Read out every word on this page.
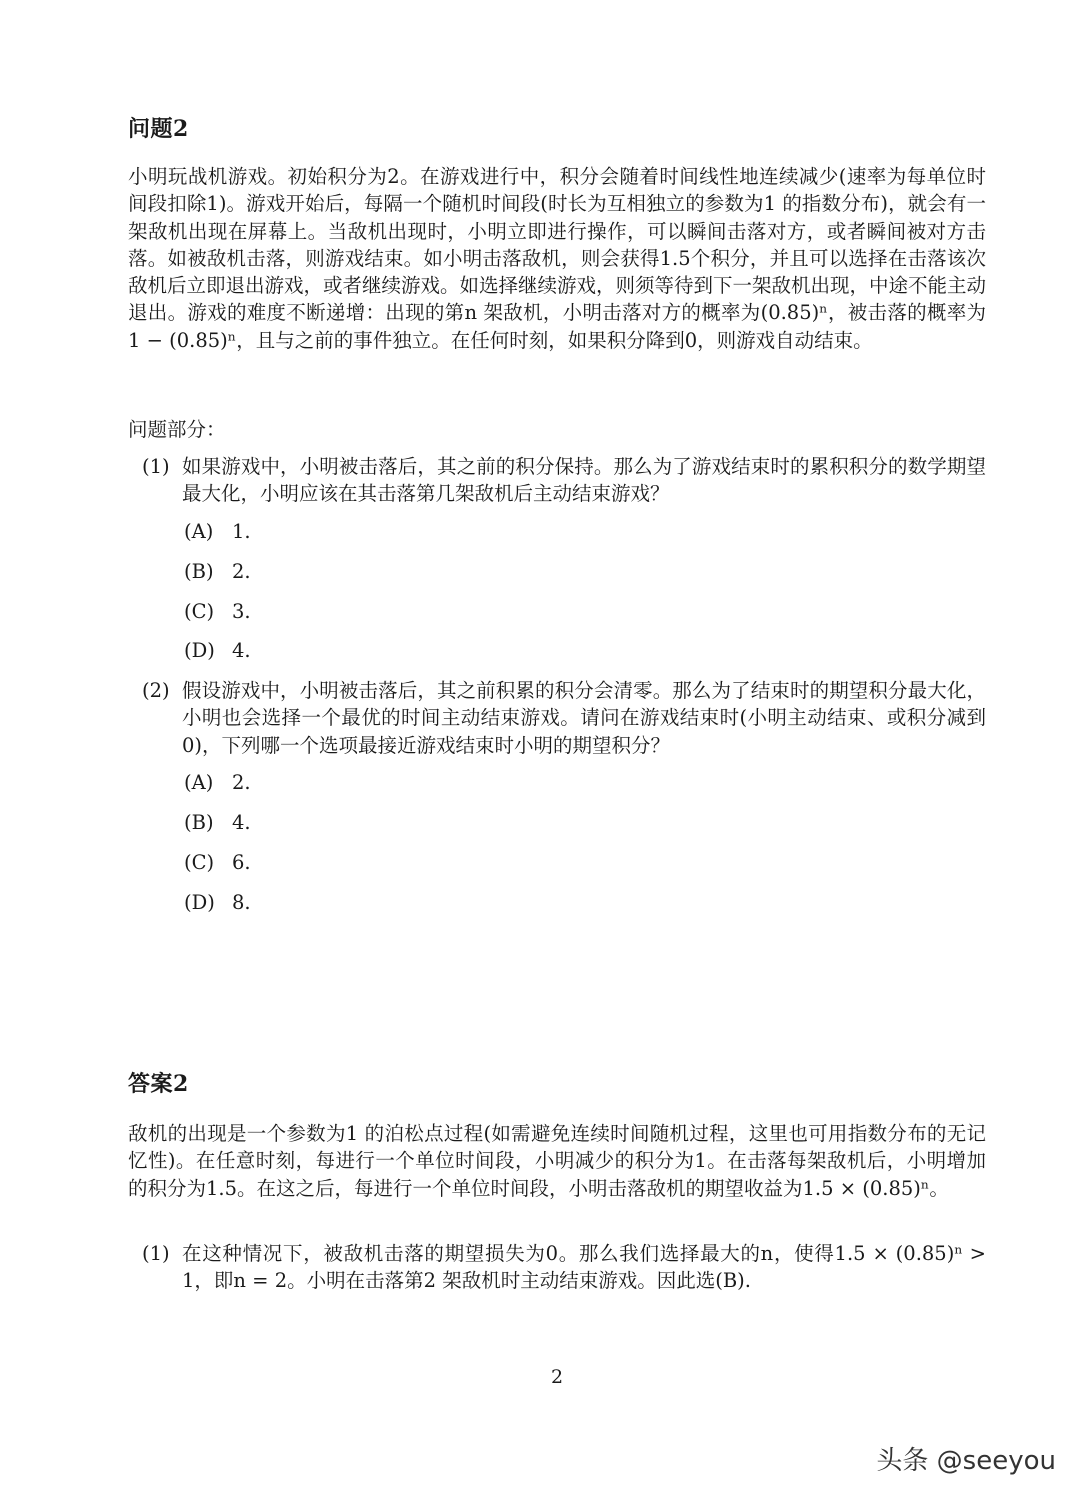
问题2
小明玩战机游戏。初始积分为2。在游戏进行中，积分会随着时间线性地连续减少(速率为每单位时间段扣除1)。游戏开始后，每隔一个随机时间段(时长为互相独立的参数为1 的指数分布)，就会有一架敌机出现在屏幕上。当敌机出现时，小明立即进行操作，可以瞬间击落对方，或者瞬间被对方击落。如被敌机击落，则游戏结束。如小明击落敌机，则会获得1.5个积分，并且可以选择在击落该次敌机后立即退出游戏，或者继续游戏。如选择继续游戏，则须等待到下一架敌机出现，中途不能主动退出。游戏的难度不断递增：出现的第n 架敌机，小明击落对方的概率为(0.85)ⁿ，被击落的概率为1 − (0.85)ⁿ，且与之前的事件独立。在任何时刻，如果积分降到0，则游戏自动结束。
问题部分：
(1) 如果游戏中，小明被击落后，其之前的积分保持。那么为了游戏结束时的累积积分的数学期望最大化，小明应该在其击落第几架敌机后主动结束游戏？
(A) 1.
(B) 2.
(C) 3.
(D) 4.
(2) 假设游戏中，小明被击落后，其之前积累的积分会清零。那么为了结束时的期望积分最大化，小明也会选择一个最优的时间主动结束游戏。请问在游戏结束时(小明主动结束、或积分减到0)，下列哪一个选项最接近游戏结束时小明的期望积分？
(A) 2.
(B) 4.
(C) 6.
(D) 8.
答案2
敌机的出现是一个参数为1 的泊松点过程(如需避免连续时间随机过程，这里也可用指数分布的无记忆性)。在任意时刻，每进行一个单位时间段，小明减少的积分为1。在击落每架敌机后，小明增加的积分为1.5。在这之后，每进行一个单位时间段，小明击落敌机的期望收益为1.5 × (0.85)ⁿ。
(1) 在这种情况下，被敌机击落的期望损失为0。那么我们选择最大的n，使得1.5 × (0.85)ⁿ > 1，即n = 2。小明在击落第2 架敌机时主动结束游戏。因此选(B).
2
头条 @seeyou
